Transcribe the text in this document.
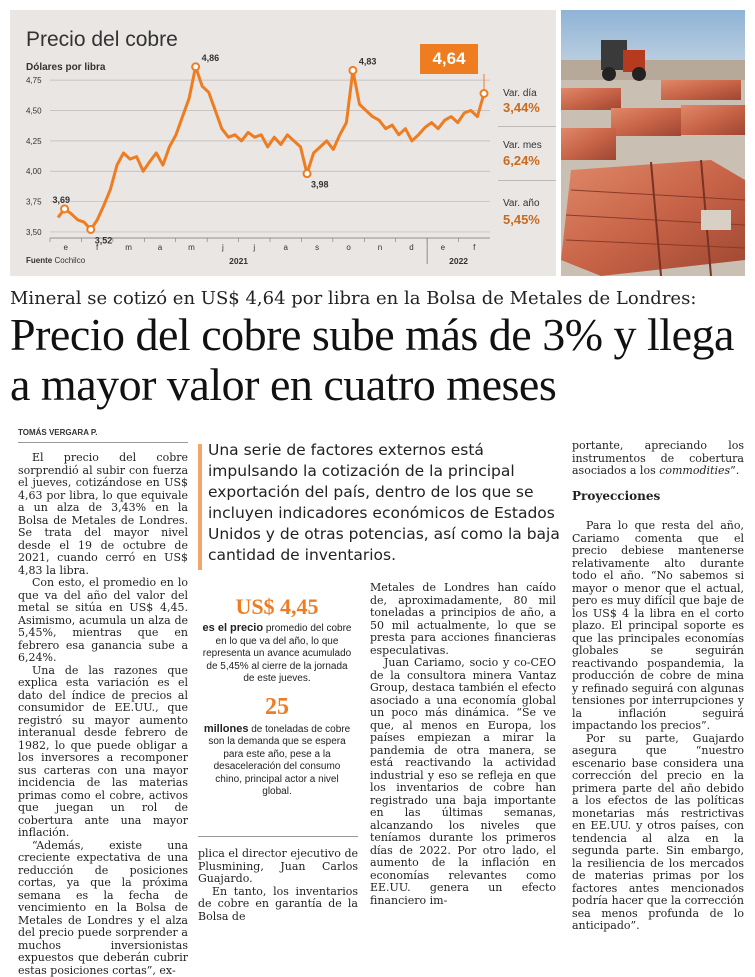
4,75
4,50
4,25
4,00
3,75
3,50
e	f	m	a	m	j	j	a	s	o	n	d	e	f
2021	2022
3,69
3,52
4,86
3,98
4,83
Precio del cobre
Dólares por libra	4,64
Var. día
3,44%
Var. mes
6,24%
Var. año
5,45%
Fuente Cochilco
Mineral se cotizó en US$ 4,64 por libra en la Bolsa de Metales de Londres:
Precio del cobre sube más de 3% y llega a mayor valor en cuatro meses
TOMÁS VERGARA P.

El precio del cobre sorprendió al subir con fuerza el jueves, cotizándose en US$ 4,63 por libra, lo que equivale a un alza de 3,43% en la Bolsa de Metales de Londres. Se trata del mayor nivel desde el 19 de octubre de 2021, cuando cerró en US$ 4,83 la libra.

Con esto, el promedio en lo que va del año del valor del metal se sitúa en US$ 4,45. Asimismo, acumula un alza de 5,45%, mientras que en febrero esa ganancia sube a 6,24%.

Una de las razones que explica esta variación es el dato del índice de precios al consumidor de EE.UU., que registró su mayor aumento interanual desde febrero de 1982, lo que puede obligar a los inversores a recomponer sus carteras con una mayor incidencia de las materias primas como el cobre, activos que juegan un rol de cobertura ante una mayor inflación.

“Además, existe una creciente expectativa de una reducción de posiciones cortas, ya que la próxima semana es la fecha de vencimiento en la Bolsa de Metales de Londres y el alza del precio puede sorprender a muchos inversionistas expuestos que deberán cubrir estas posiciones cortas”, ex-

Una serie de factores externos está impulsando la cotización de la principal exportación del país, dentro de los que se incluyen indicadores económicos de Estados Unidos y de otras potencias, así como la baja cantidad de inventarios.
US$ 4,45
es el precio promedio del cobre en lo que va del año, lo que representa un avance acumulado de 5,45% al cierre de la jornada de este jueves.
25
millones de toneladas de cobre son la demanda que se espera para este año, pese a la desaceleración del consumo chino, principal actor a nivel global.

plica el director ejecutivo de Plusmining, Juan Carlos Guajardo.

En tanto, los inventarios de cobre en garantía de la Bolsa de

Metales de Londres han caído de, aproximadamente, 80 mil toneladas a principios de año, a 50 mil actualmente, lo que se presta para acciones financieras especulativas.

Juan Cariamo, socio y co-CEO de la consultora minera Vantaz Group, destaca también el efecto asociado a una economía global un poco más dinámica. “Se ve que, al menos en Europa, los países empiezan a mirar la pandemia de otra manera, se está reactivando la actividad industrial y eso se refleja en que los inventarios de cobre han registrado una baja importante en las últimas semanas, alcanzando los niveles que teníamos durante los primeros días de 2022. Por otro lado, el aumento de la inflación en economías relevantes como EE.UU. genera un efecto financiero im-

portante, apreciando los instrumentos de cobertura asociados a los commodities”.

Proyecciones

Para lo que resta del año, Cariamo comenta que el precio debiese mantenerse relativamente alto durante todo el año. “No sabemos si mayor o menor que el actual, pero es muy difícil que baje de los US$ 4 la libra en el corto plazo. El principal soporte es que las principales economías globales se seguirán reactivando pospandemia, la producción de cobre de mina y refinado seguirá con algunas tensiones por interrupciones y la inflación seguirá impactando los precios”.

Por su parte, Guajardo asegura que “nuestro escenario base considera una corrección del precio en la primera parte del año debido a los efectos de las políticas monetarias más restrictivas en EE.UU. y otros países, con tendencia al alza en la segunda parte. Sin embargo, la resiliencia de los mercados de materias primas por los factores antes mencionados podría hacer que la corrección sea menos profunda de lo anticipado”.
